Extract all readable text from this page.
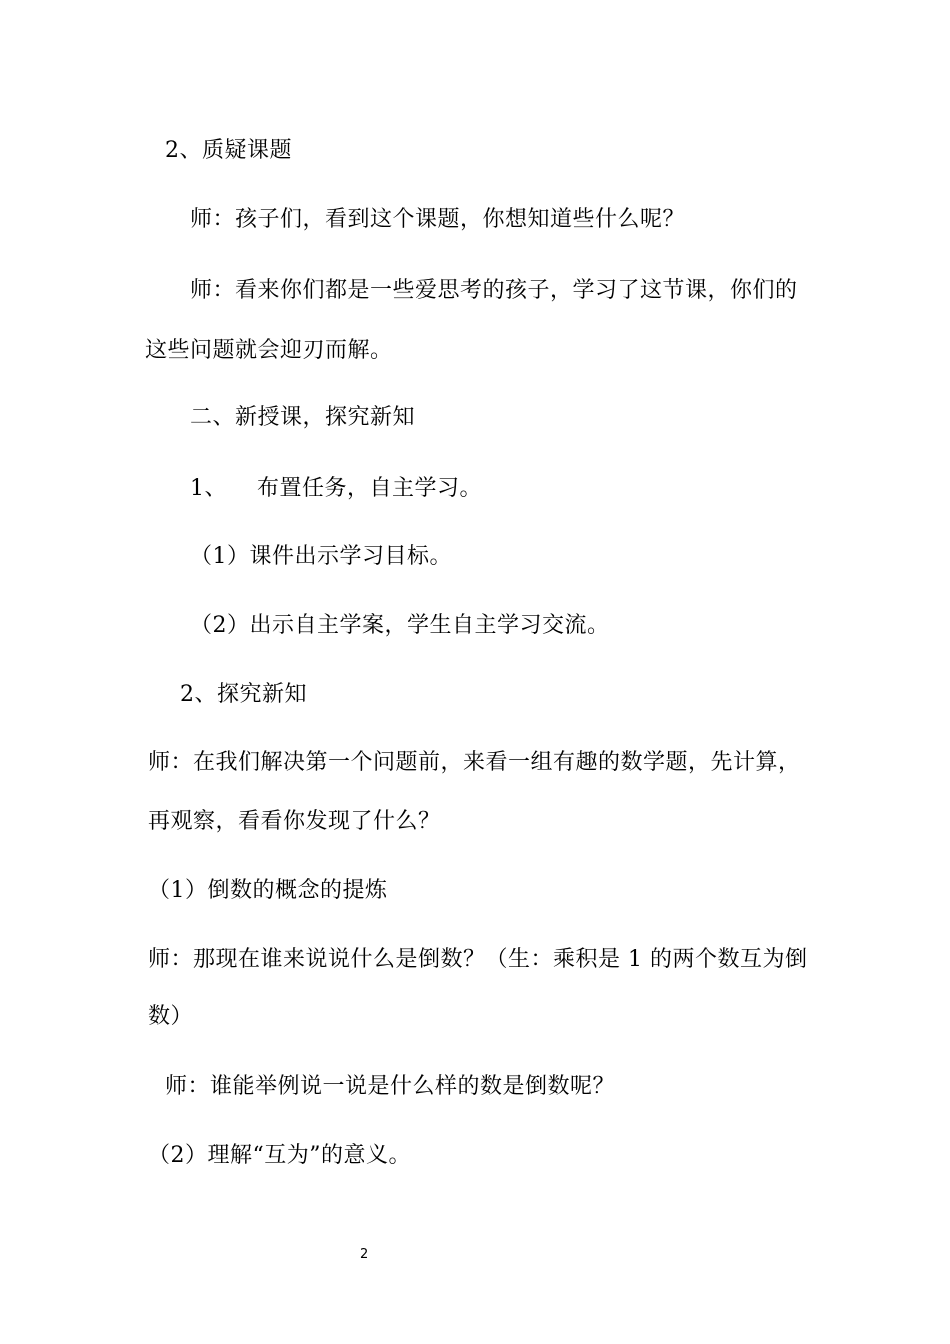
2、质疑课题
师：孩子们，看到这个课题，你想知道些什么呢？
师：看来你们都是一些爱思考的孩子，学习了这节课，你们的
这些问题就会迎刃而解。
二、新授课，探究新知
1、    布置任务，自主学习。
（1）课件出示学习目标。
（2）出示自主学案，学生自主学习交流。
2、探究新知
师：在我们解决第一个问题前，来看一组有趣的数学题，先计算，
再观察，看看你发现了什么？
（1）倒数的概念的提炼
师：那现在谁来说说什么是倒数？（生：乘积是 1 的两个数互为倒
数）
师：谁能举例说一说是什么样的数是倒数呢？
（2）理解“互为”的意义。
2
